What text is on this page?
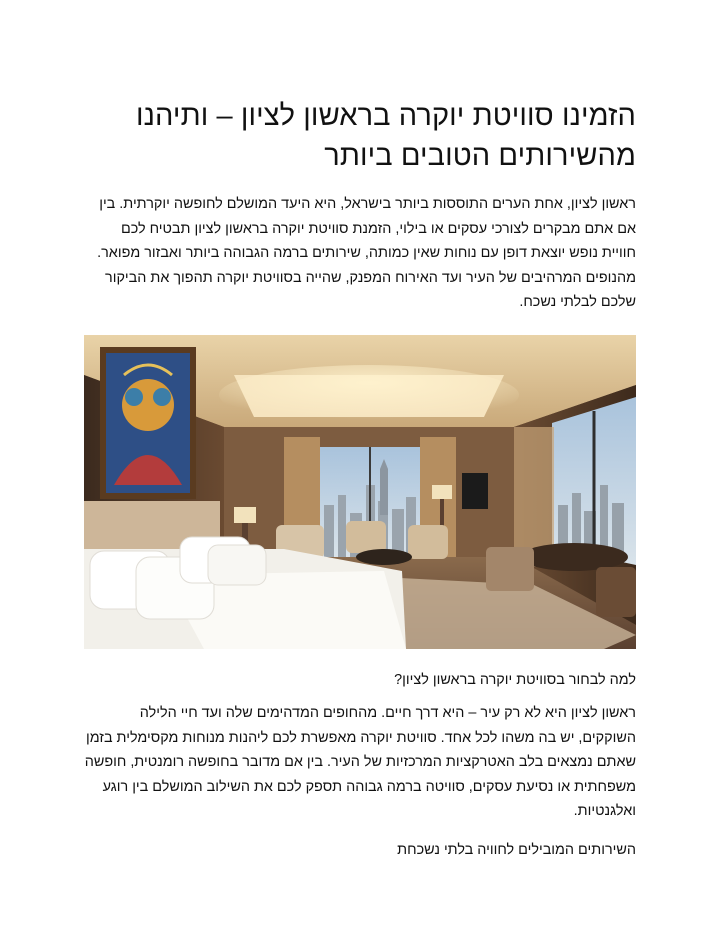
הזמינו סוויטת יוקרה בראשון לציון – ותיהנו מהשירותים הטובים ביותר

ראשון לציון, אחת הערים התוססות ביותר בישראל, היא היעד המושלם לחופשה יוקרתית. בין אם אתם מבקרים לצורכי עסקים או בילוי, הזמנת סוויטת יוקרה בראשון לציון תבטיח לכם חוויית נופש יוצאת דופן עם נוחות שאין כמותה, שירותים ברמה הגבוהה ביותר ואבזור מפואר. מהנופים המרהיבים של העיר ועד האירוח המפנק, שהייה בסוויטת יוקרה תהפוך את הביקור שלכם לבלתי נשכח.

למה לבחור בסוויטת יוקרה בראשון לציון?

ראשון לציון היא לא רק עיר – היא דרך חיים. מהחופים המדהימים שלה ועד חיי הלילה השוקקים, יש בה משהו לכל אחד. סוויטת יוקרה מאפשרת לכם ליהנות מנוחות מקסימלית בזמן שאתם נמצאים בלב האטרקציות המרכזיות של העיר. בין אם מדובר בחופשה רומנטית, חופשה משפחתית או נסיעת עסקים, סוויטה ברמה גבוהה תספק לכם את השילוב המושלם בין רוגע ואלגנטיות.

השירותים המובילים לחוויה בלתי נשכחת
